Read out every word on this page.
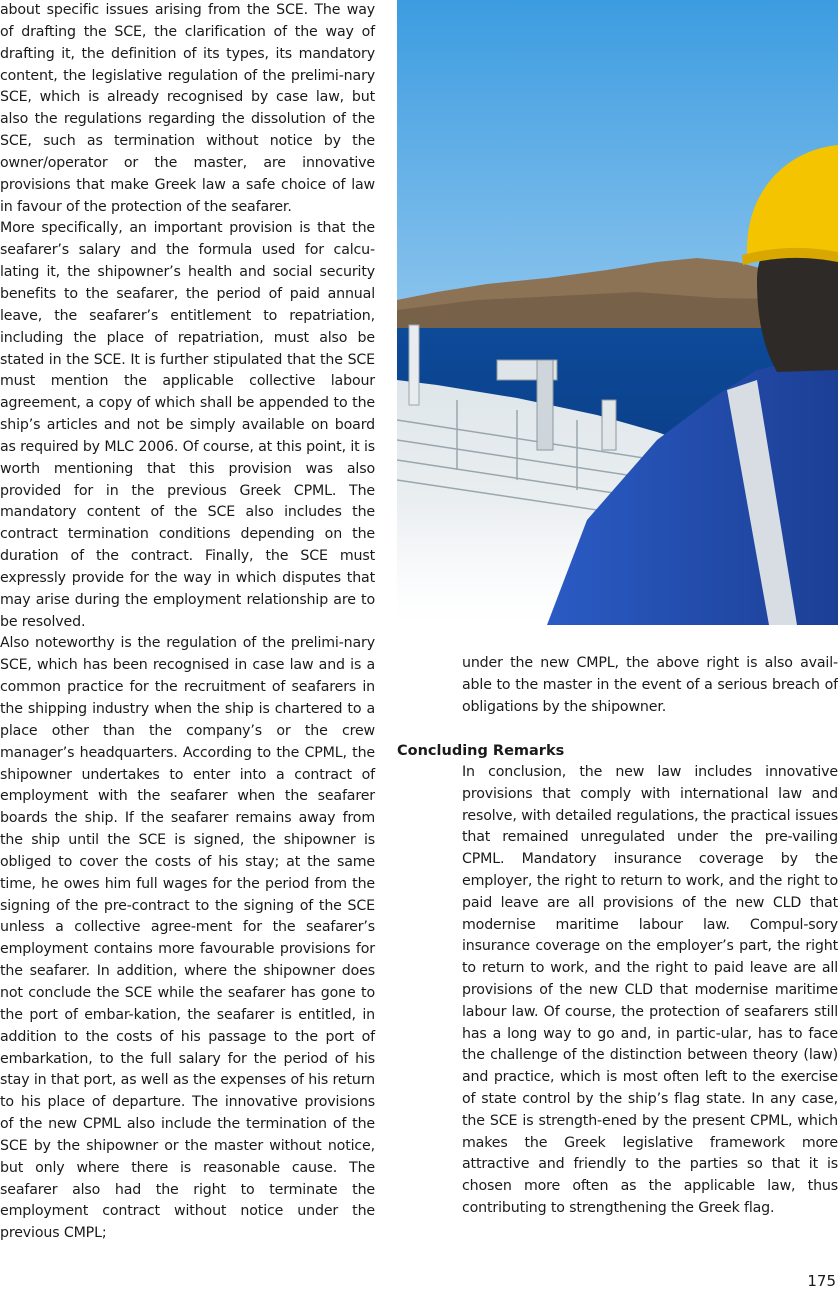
about specific issues arising from the SCE. The way of drafting the SCE, the clarification of the way of drafting it, the definition of its types, its mandatory content, the legislative regulation of the prelimi-nary SCE, which is already recognised by case law, but also the regulations regarding the dissolution of the SCE, such as termination without notice by the owner/operator or the master, are innovative provisions that make Greek law a safe choice of law in favour of the protection of the seafarer.

More specifically, an important provision is that the seafarer’s salary and the formula used for calcu-lating it, the shipowner’s health and social security benefits to the seafarer, the period of paid annual leave, the seafarer’s entitlement to repatriation, including the place of repatriation, must also be stated in the SCE. It is further stipulated that the SCE must mention the applicable collective labour agreement, a copy of which shall be appended to the ship’s articles and not be simply available on board as required by MLC 2006. Of course, at this point, it is worth mentioning that this provision was also provided for in the previous Greek CPML. The mandatory content of the SCE also includes the contract termination conditions depending on the duration of the contract. Finally, the SCE must expressly provide for the way in which disputes that may arise during the employment relationship are to be resolved.

Also noteworthy is the regulation of the prelimi-nary SCE, which has been recognised in case law and is a common practice for the recruitment of seafarers in the shipping industry when the ship is chartered to a place other than the company’s or the crew manager’s headquarters. According to the CPML, the shipowner undertakes to enter into a contract of employment with the seafarer when the seafarer boards the ship. If the seafarer remains away from the ship until the SCE is signed, the shipowner is obliged to cover the costs of his stay; at the same time, he owes him full wages for the period from the signing of the pre-contract to the signing of the SCE unless a collective agree-ment for the seafarer’s employment contains more favourable provisions for the seafarer. In addition, where the shipowner does not conclude the SCE while the seafarer has gone to the port of embar-kation, the seafarer is entitled, in addition to the costs of his passage to the port of embarkation, to the full salary for the period of his stay in that port, as well as the expenses of his return to his place of departure. The innovative provisions of the new CPML also include the termination of the SCE by the shipowner or the master without notice, but only where there is reasonable cause. The seafarer also had the right to terminate the employment contract without notice under the previous CMPL;

under the new CMPL, the above right is also avail-able to the master in the event of a serious breach of obligations by the shipowner.

Concluding Remarks

In conclusion, the new law includes innovative provisions that comply with international law and resolve, with detailed regulations, the practical issues that remained unregulated under the pre-vailing CPML. Mandatory insurance coverage by the employer, the right to return to work, and the right to paid leave are all provisions of the new CLD that modernise maritime labour law. Compul-sory insurance coverage on the employer’s part, the right to return to work, and the right to paid leave are all provisions of the new CLD that modernise maritime labour law. Of course, the protection of seafarers still has a long way to go and, in partic-ular, has to face the challenge of the distinction between theory (law) and practice, which is most often left to the exercise of state control by the ship’s flag state. In any case, the SCE is strength-ened by the present CPML, which makes the Greek legislative framework more attractive and friendly to the parties so that it is chosen more often as the applicable law, thus contributing to strengthening the Greek flag.

175
